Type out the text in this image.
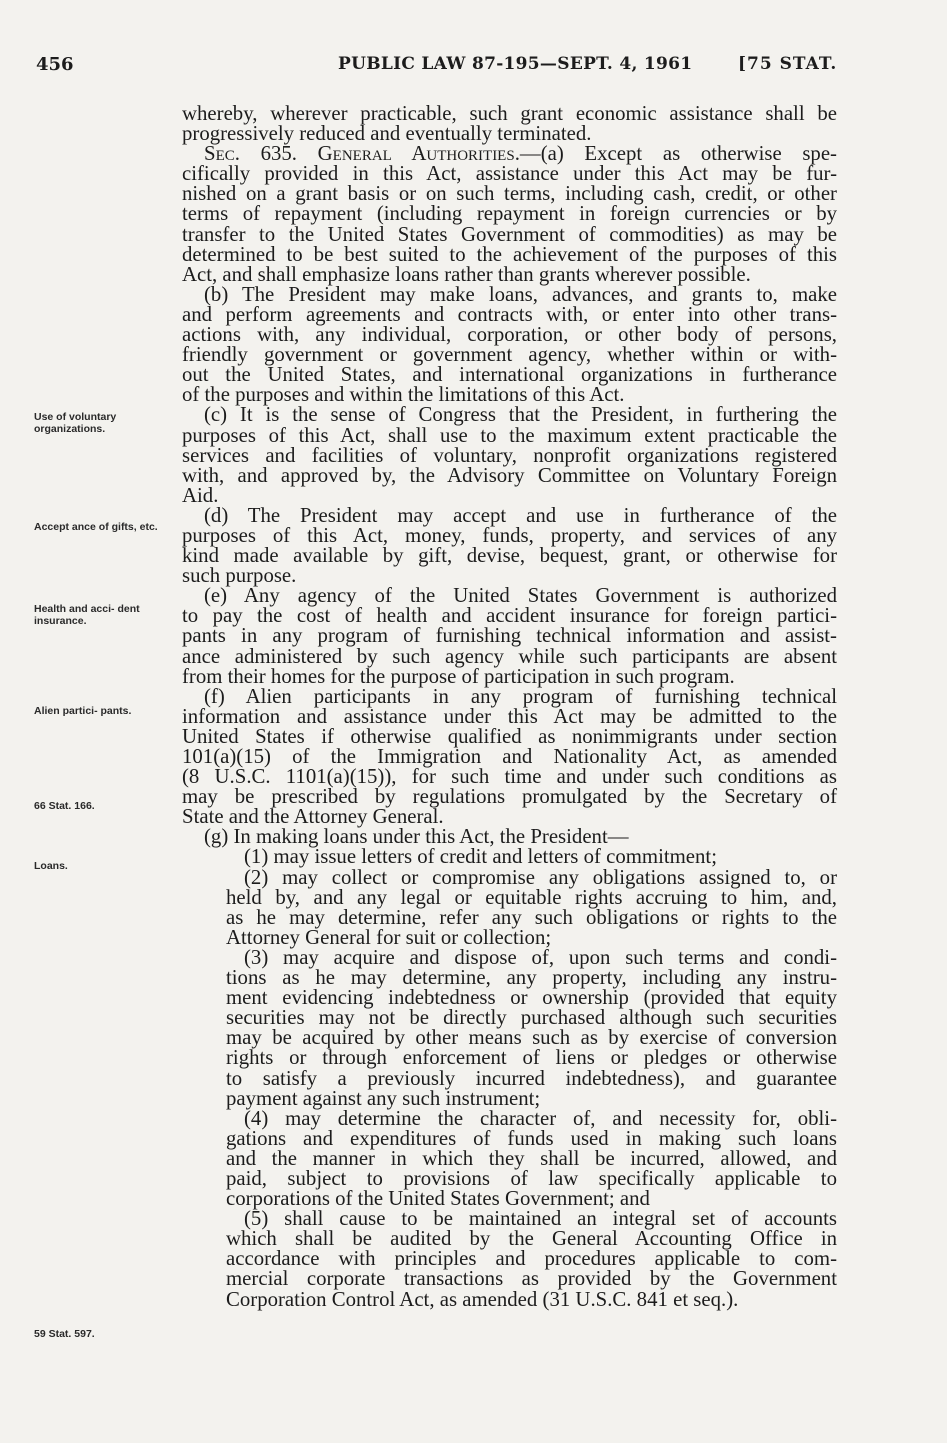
456	PUBLIC LAW 87-195—SEPT. 4, 1961	[75 STAT.
Use of voluntary organizations.
Accept ance of gifts, etc.
Health and acci- dent insurance.
Alien partici- pants.
66 Stat. 166.
Loans.
59 Stat. 597.
whereby, wherever practicable, such grant economic assistance shall be
progressively reduced and eventually terminated.
Sec. 635. General Authorities.—(a) Except as otherwise spe-
cifically provided in this Act, assistance under this Act may be fur-
nished on a grant basis or on such terms, including cash, credit, or other
terms of repayment (including repayment in foreign currencies or by
transfer to the United States Government of commodities) as may be
determined to be best suited to the achievement of the purposes of this
Act, and shall emphasize loans rather than grants wherever possible.
(b) The President may make loans, advances, and grants to, make
and perform agreements and contracts with, or enter into other trans-
actions with, any individual, corporation, or other body of persons,
friendly government or government agency, whether within or with-
out the United States, and international organizations in furtherance
of the purposes and within the limitations of this Act.
(c) It is the sense of Congress that the President, in furthering the
purposes of this Act, shall use to the maximum extent practicable the
services and facilities of voluntary, nonprofit organizations registered
with, and approved by, the Advisory Committee on Voluntary Foreign
Aid.
(d) The President may accept and use in furtherance of the
purposes of this Act, money, funds, property, and services of any
kind made available by gift, devise, bequest, grant, or otherwise for
such purpose.
(e) Any agency of the United States Government is authorized
to pay the cost of health and accident insurance for foreign partici-
pants in any program of furnishing technical information and assist-
ance administered by such agency while such participants are absent
from their homes for the purpose of participation in such program.
(f) Alien participants in any program of furnishing technical
information and assistance under this Act may be admitted to the
United States if otherwise qualified as nonimmigrants under section
101(a)(15) of the Immigration and Nationality Act, as amended
(8 U.S.C. 1101(a)(15)), for such time and under such conditions as
may be prescribed by regulations promulgated by the Secretary of
State and the Attorney General.
(g) In making loans under this Act, the President—
(1) may issue letters of credit and letters of commitment;
(2) may collect or compromise any obligations assigned to, or
held by, and any legal or equitable rights accruing to him, and,
as he may determine, refer any such obligations or rights to the
Attorney General for suit or collection;
(3) may acquire and dispose of, upon such terms and condi-
tions as he may determine, any property, including any instru-
ment evidencing indebtedness or ownership (provided that equity
securities may not be directly purchased although such securities
may be acquired by other means such as by exercise of conversion
rights or through enforcement of liens or pledges or otherwise
to satisfy a previously incurred indebtedness), and guarantee
payment against any such instrument;
(4) may determine the character of, and necessity for, obli-
gations and expenditures of funds used in making such loans
and the manner in which they shall be incurred, allowed, and
paid, subject to provisions of law specifically applicable to
corporations of the United States Government; and
(5) shall cause to be maintained an integral set of accounts
which shall be audited by the General Accounting Office in
accordance with principles and procedures applicable to com-
mercial corporate transactions as provided by the Government
Corporation Control Act, as amended (31 U.S.C. 841 et seq.).
